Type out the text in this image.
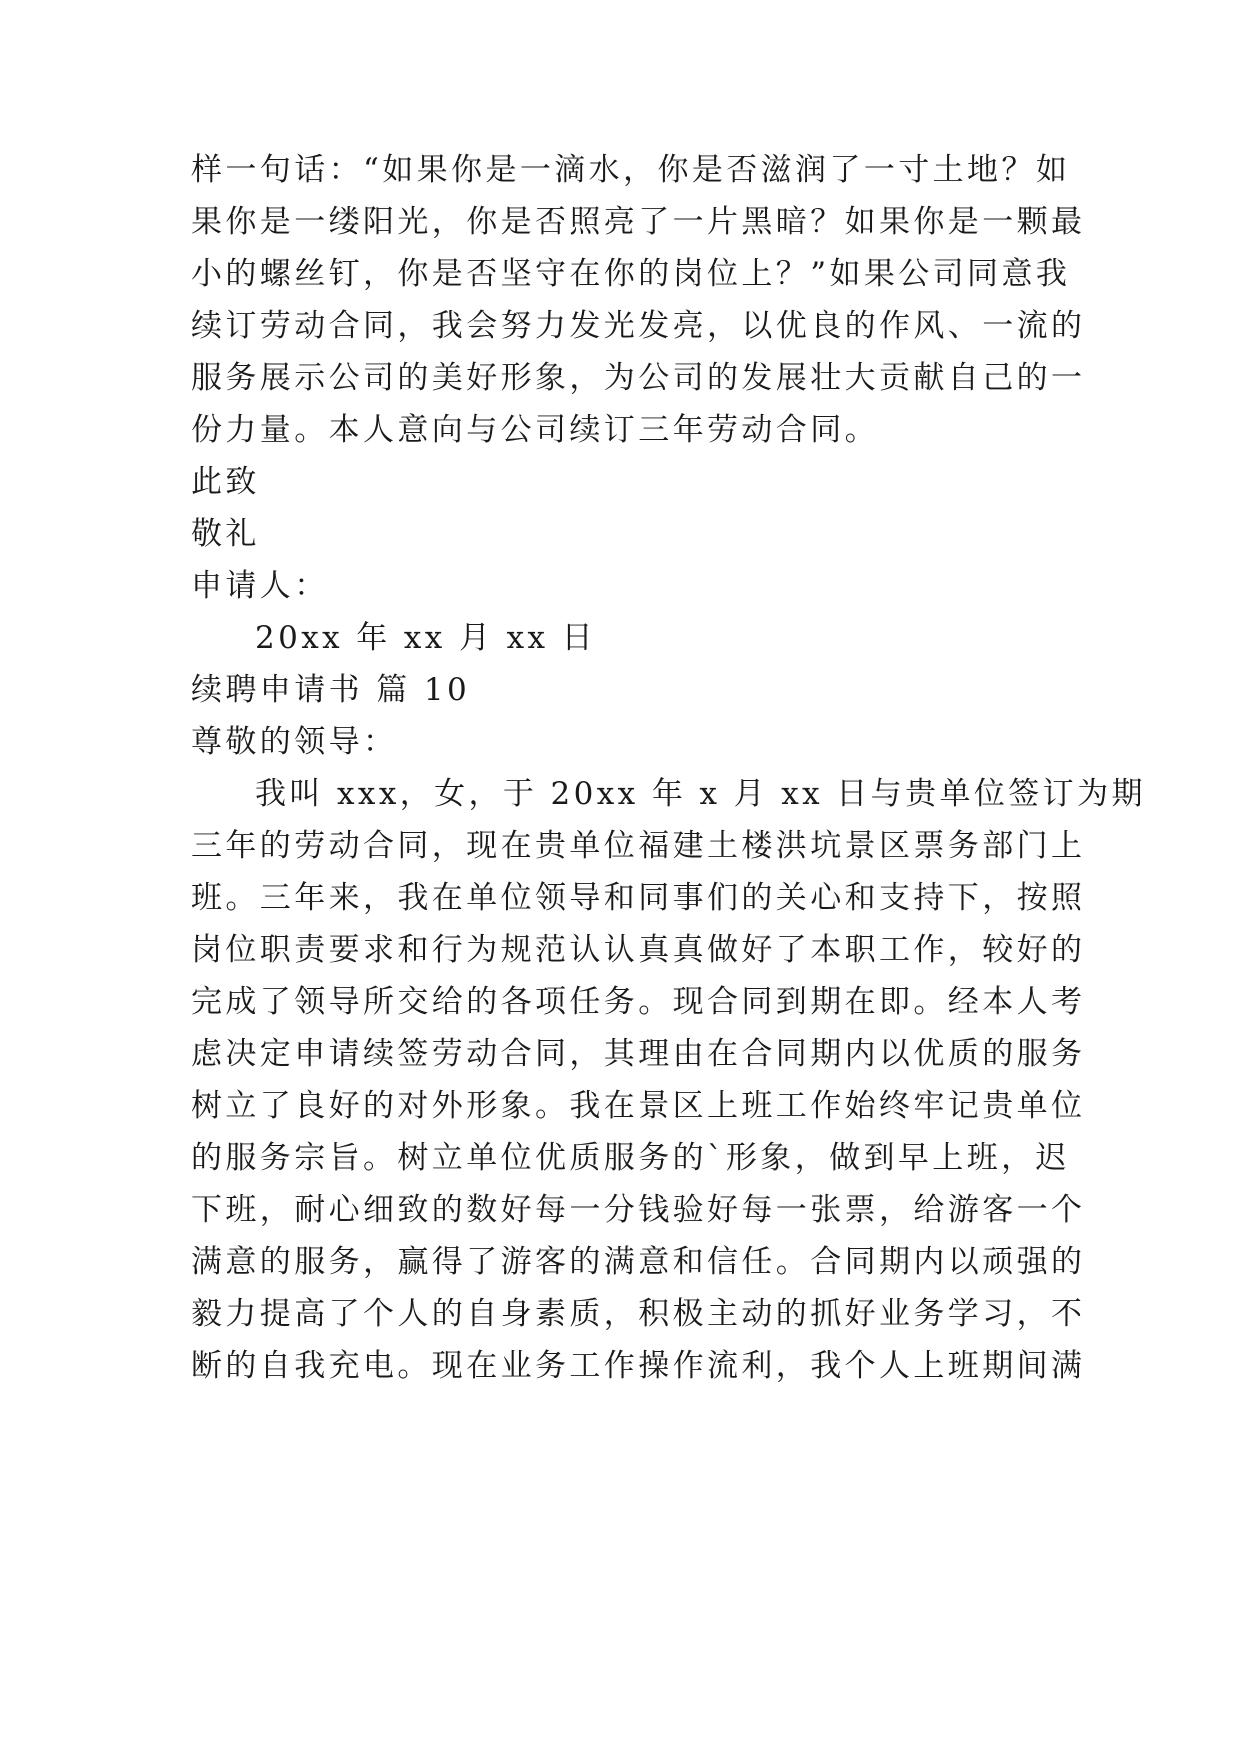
样一句话：“如果你是一滴水，你是否滋润了一寸土地？如
果你是一缕阳光，你是否照亮了一片黑暗？如果你是一颗最
小的螺丝钉，你是否坚守在你的岗位上？”如果公司同意我
续订劳动合同，我会努力发光发亮，以优良的作风、一流的
服务展示公司的美好形象，为公司的发展壮大贡献自己的一
份力量。本人意向与公司续订三年劳动合同。
此致
敬礼
申请人：
20xx 年 xx 月 xx 日
续聘申请书 篇 10
尊敬的领导：
我叫 xxx，女，于 20xx 年 x 月 xx 日与贵单位签订为期
三年的劳动合同，现在贵单位福建土楼洪坑景区票务部门上
班。三年来，我在单位领导和同事们的关心和支持下，按照
岗位职责要求和行为规范认认真真做好了本职工作，较好的
完成了领导所交给的各项任务。现合同到期在即。经本人考
虑决定申请续签劳动合同，其理由在合同期内以优质的服务
树立了良好的对外形象。我在景区上班工作始终牢记贵单位
的服务宗旨。树立单位优质服务的`形象，做到早上班，迟
下班，耐心细致的数好每一分钱验好每一张票，给游客一个
满意的服务，赢得了游客的满意和信任。合同期内以顽强的
毅力提高了个人的自身素质，积极主动的抓好业务学习，不
断的自我充电。现在业务工作操作流利，我个人上班期间满
